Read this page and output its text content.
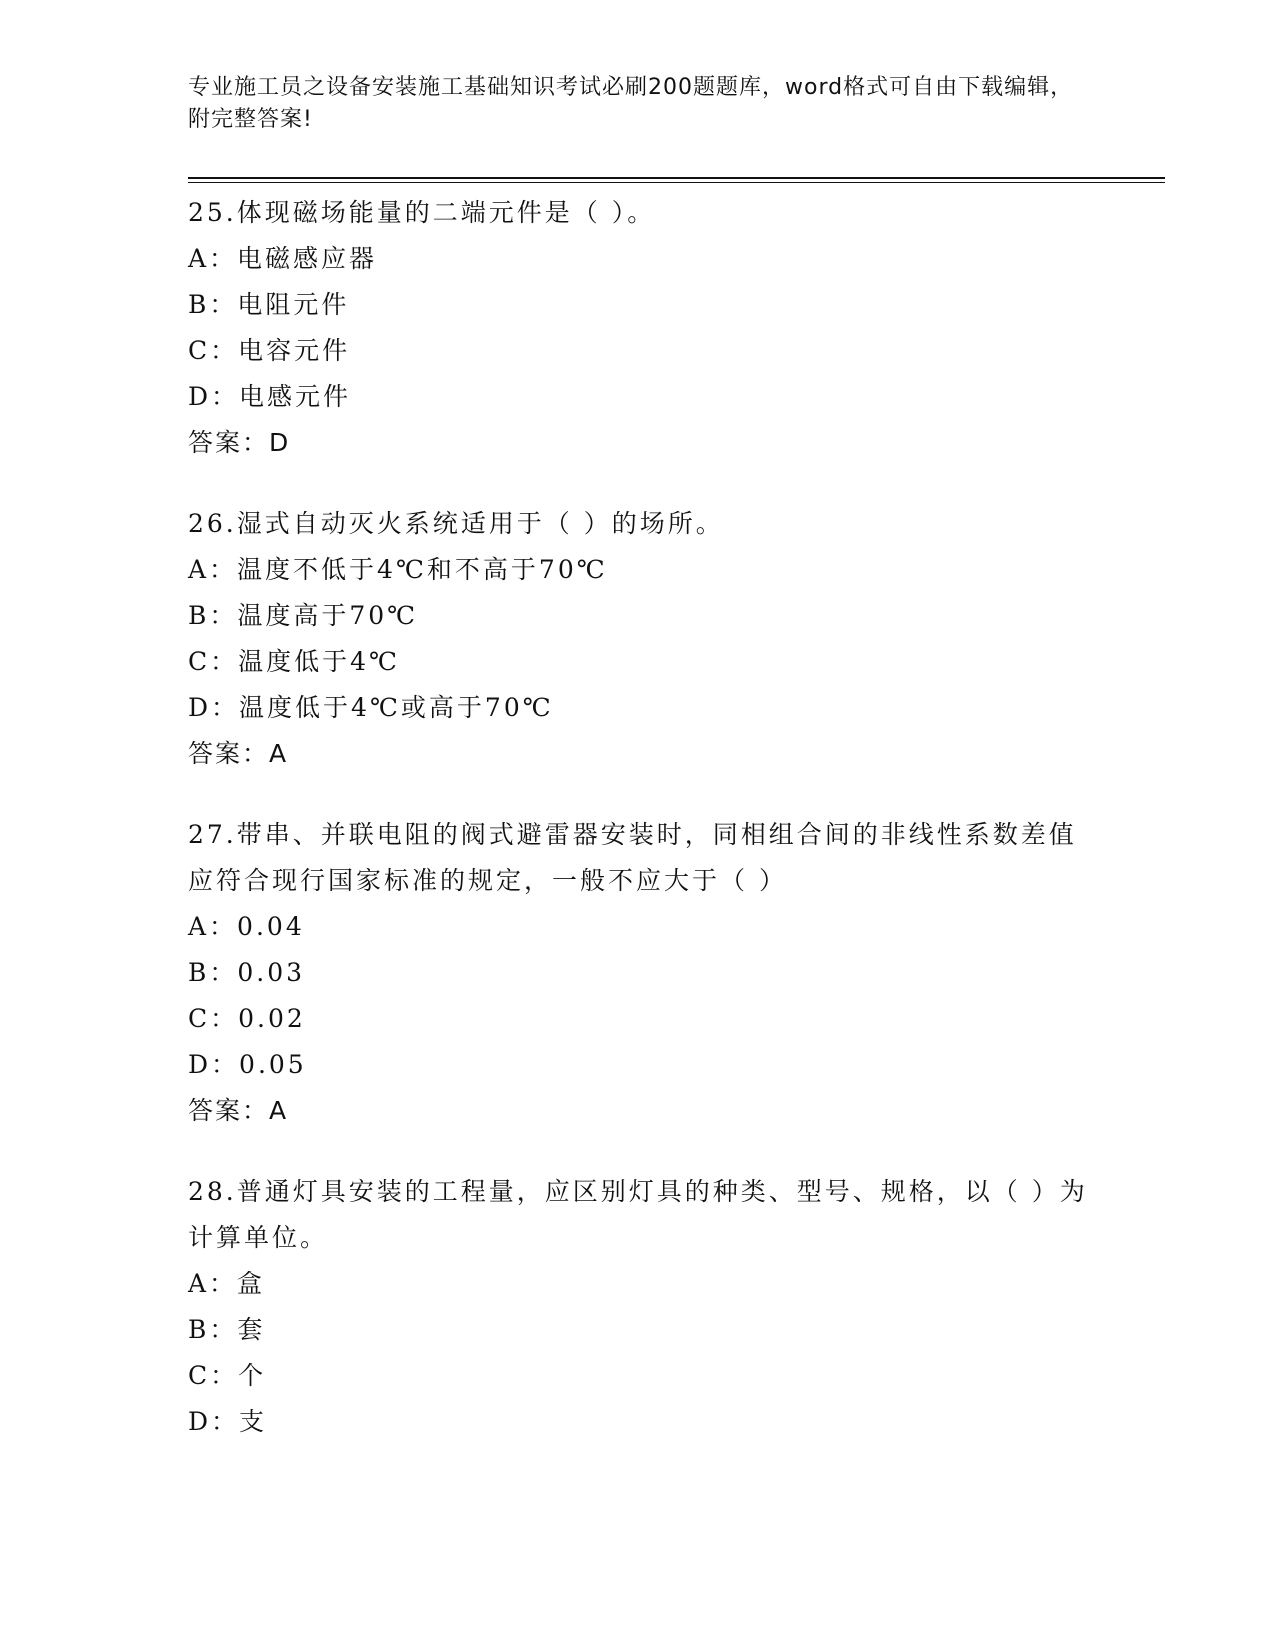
专业施工员之设备安装施工基础知识考试必刷200题题库，word格式可自由下载编辑，附完整答案!
25.体现磁场能量的二端元件是（ ）。
A：电磁感应器
B：电阻元件
C：电容元件
D：电感元件
答案：D
26.湿式自动灭火系统适用于（ ）的场所。
A：温度不低于4℃和不高于70℃
B：温度高于70℃
C：温度低于4℃
D：温度低于4℃或高于70℃
答案：A
27.带串、并联电阻的阀式避雷器安装时，同相组合间的非线性系数差值应符合现行国家标准的规定，一般不应大于（ ）
A：0.04
B：0.03
C：0.02
D：0.05
答案：A
28.普通灯具安装的工程量，应区别灯具的种类、型号、规格，以（ ）为计算单位。
A：盒
B：套
C：个
D：支
